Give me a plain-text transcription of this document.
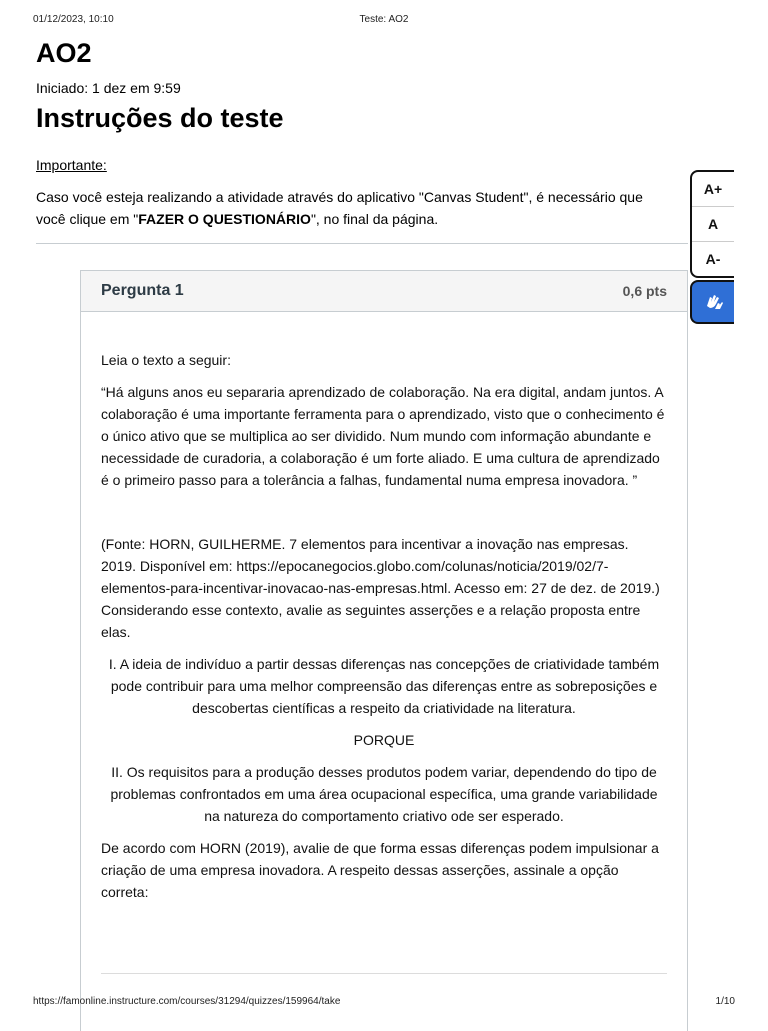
01/12/2023, 10:10	Teste: AO2
AO2
Iniciado: 1 dez em 9:59
Instruções do teste
Importante:
Caso você esteja realizando a atividade através do aplicativo "Canvas Student", é necessário que
você clique em "FAZER O QUESTIONÁRIO", no final da página.
Pergunta 1	0,6 pts

Leia o texto a seguir:

“Há alguns anos eu separaria aprendizado de colaboração. Na era digital, andam juntos. A colaboração é uma importante ferramenta para o aprendizado, visto que o conhecimento é o único ativo que se multiplica ao ser dividido. Num mundo com informação abundante e necessidade de curadoria, a colaboração é um forte aliado. E uma cultura de aprendizado é o primeiro passo para a tolerância a falhas, fundamental numa empresa inovadora. ”

(Fonte: HORN, GUILHERME. 7 elementos para incentivar a inovação nas empresas. 2019. Disponível em: https://epocanegocios.globo.com/colunas/noticia/2019/02/7-elementos-para-incentivar-inovacao-nas-empresas.html. Acesso em: 27 de dez. de 2019.) Considerando esse contexto, avalie as seguintes asserções e a relação proposta entre elas.

I. A ideia de indivíduo a partir dessas diferenças nas concepções de criatividade também pode contribuir para uma melhor compreensão das diferenças entre as sobreposições e descobertas científicas a respeito da criatividade na literatura.

PORQUE

II. Os requisitos para a produção desses produtos podem variar, dependendo do tipo de problemas confrontados em uma área ocupacional específica, uma grande variabilidade na natureza do comportamento criativo ode ser esperado.

De acordo com HORN (2019), avalie de que forma essas diferenças podem impulsionar a criação de uma empresa inovadora. A respeito dessas asserções, assinale a opção correta:

A+
A
A-
https://famonline.instructure.com/courses/31294/quizzes/159964/take	1/10
